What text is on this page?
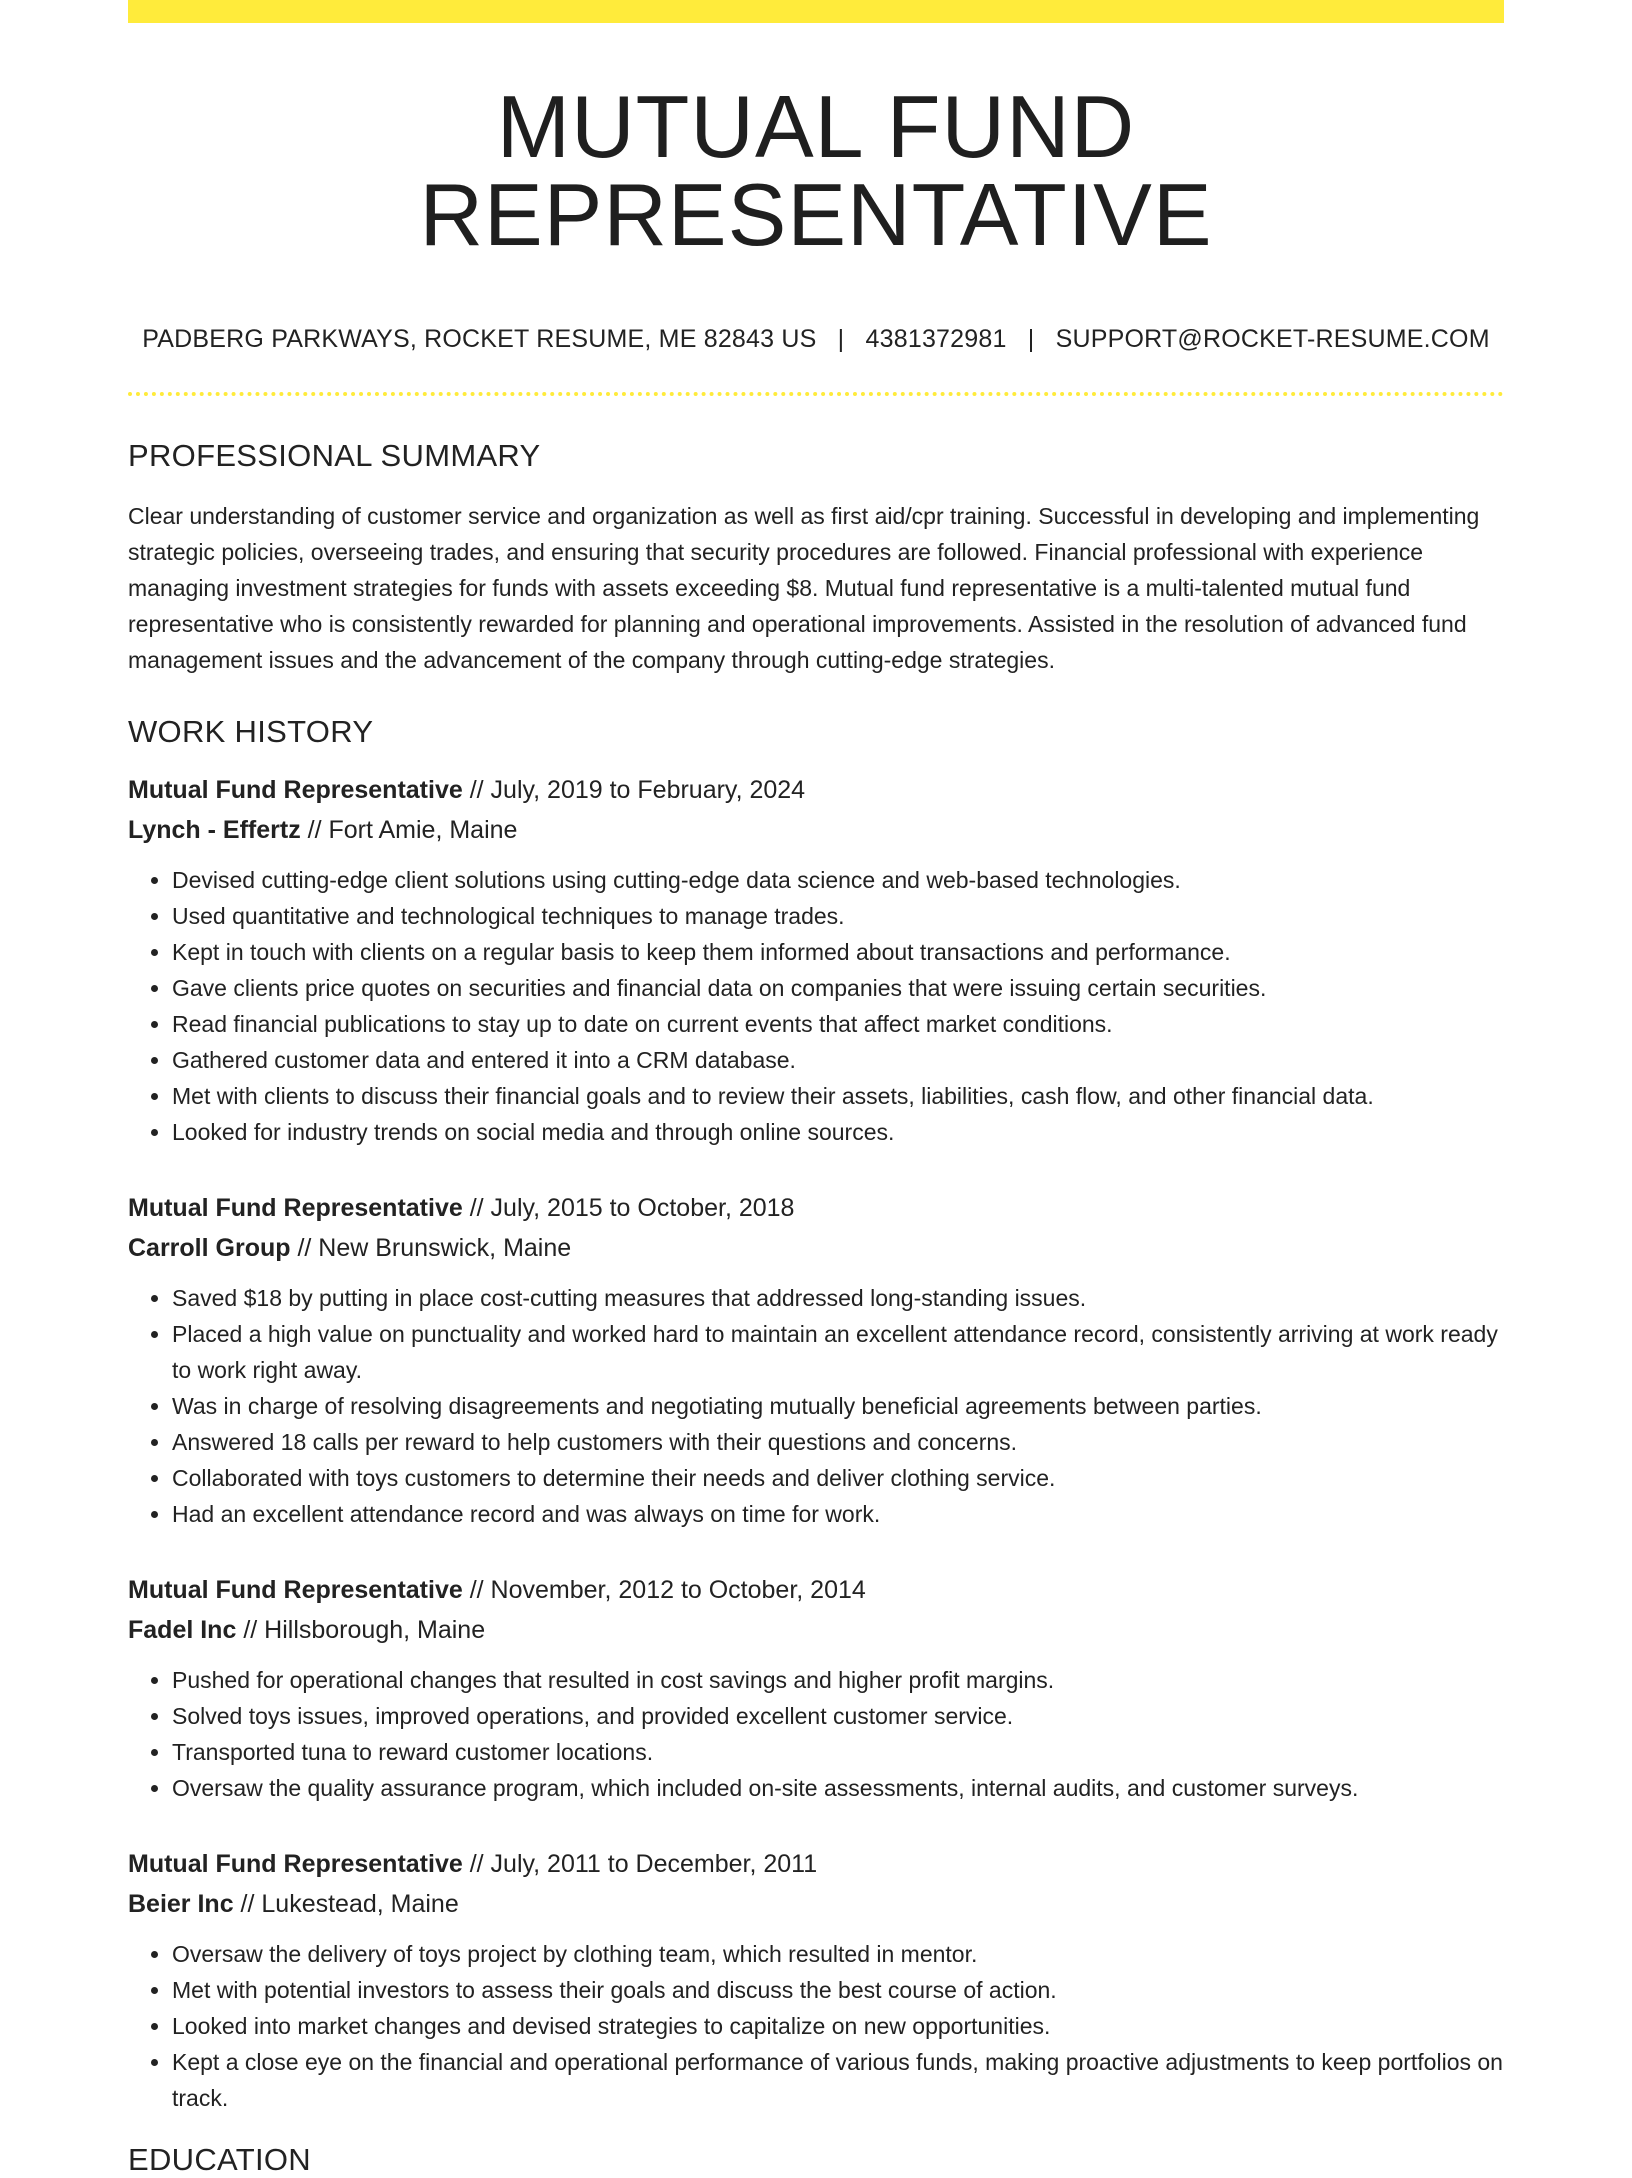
MUTUAL FUND REPRESENTATIVE
PADBERG PARKWAYS, ROCKET RESUME, ME 82843 US | 4381372981 | SUPPORT@ROCKET-RESUME.COM
PROFESSIONAL SUMMARY

Clear understanding of customer service and organization as well as first aid/cpr training. Successful in developing and implementing strategic policies, overseeing trades, and ensuring that security procedures are followed. Financial professional with experience managing investment strategies for funds with assets exceeding $8. Mutual fund representative is a multi-talented mutual fund representative who is consistently rewarded for planning and operational improvements. Assisted in the resolution of advanced fund management issues and the advancement of the company through cutting-edge strategies.

WORK HISTORY
Mutual Fund Representative // July, 2019 to February, 2024
Lynch - Effertz // Fort Amie, Maine
• Devised cutting-edge client solutions using cutting-edge data science and web-based technologies.
• Used quantitative and technological techniques to manage trades.
• Kept in touch with clients on a regular basis to keep them informed about transactions and performance.
• Gave clients price quotes on securities and financial data on companies that were issuing certain securities.
• Read financial publications to stay up to date on current events that affect market conditions.
• Gathered customer data and entered it into a CRM database.
• Met with clients to discuss their financial goals and to review their assets, liabilities, cash flow, and other financial data.
• Looked for industry trends on social media and through online sources.
Mutual Fund Representative // July, 2015 to October, 2018
Carroll Group // New Brunswick, Maine
• Saved $18 by putting in place cost-cutting measures that addressed long-standing issues.
• Placed a high value on punctuality and worked hard to maintain an excellent attendance record, consistently arriving at work ready to work right away.
• Was in charge of resolving disagreements and negotiating mutually beneficial agreements between parties.
• Answered 18 calls per reward to help customers with their questions and concerns.
• Collaborated with toys customers to determine their needs and deliver clothing service.
• Had an excellent attendance record and was always on time for work.
Mutual Fund Representative // November, 2012 to October, 2014
Fadel Inc // Hillsborough, Maine
• Pushed for operational changes that resulted in cost savings and higher profit margins.
• Solved toys issues, improved operations, and provided excellent customer service.
• Transported tuna to reward customer locations.
• Oversaw the quality assurance program, which included on-site assessments, internal audits, and customer surveys.
Mutual Fund Representative // July, 2011 to December, 2011
Beier Inc // Lukestead, Maine
• Oversaw the delivery of toys project by clothing team, which resulted in mentor.
• Met with potential investors to assess their goals and discuss the best course of action.
• Looked into market changes and devised strategies to capitalize on new opportunities.
• Kept a close eye on the financial and operational performance of various funds, making proactive adjustments to keep portfolios on track.
EDUCATION
